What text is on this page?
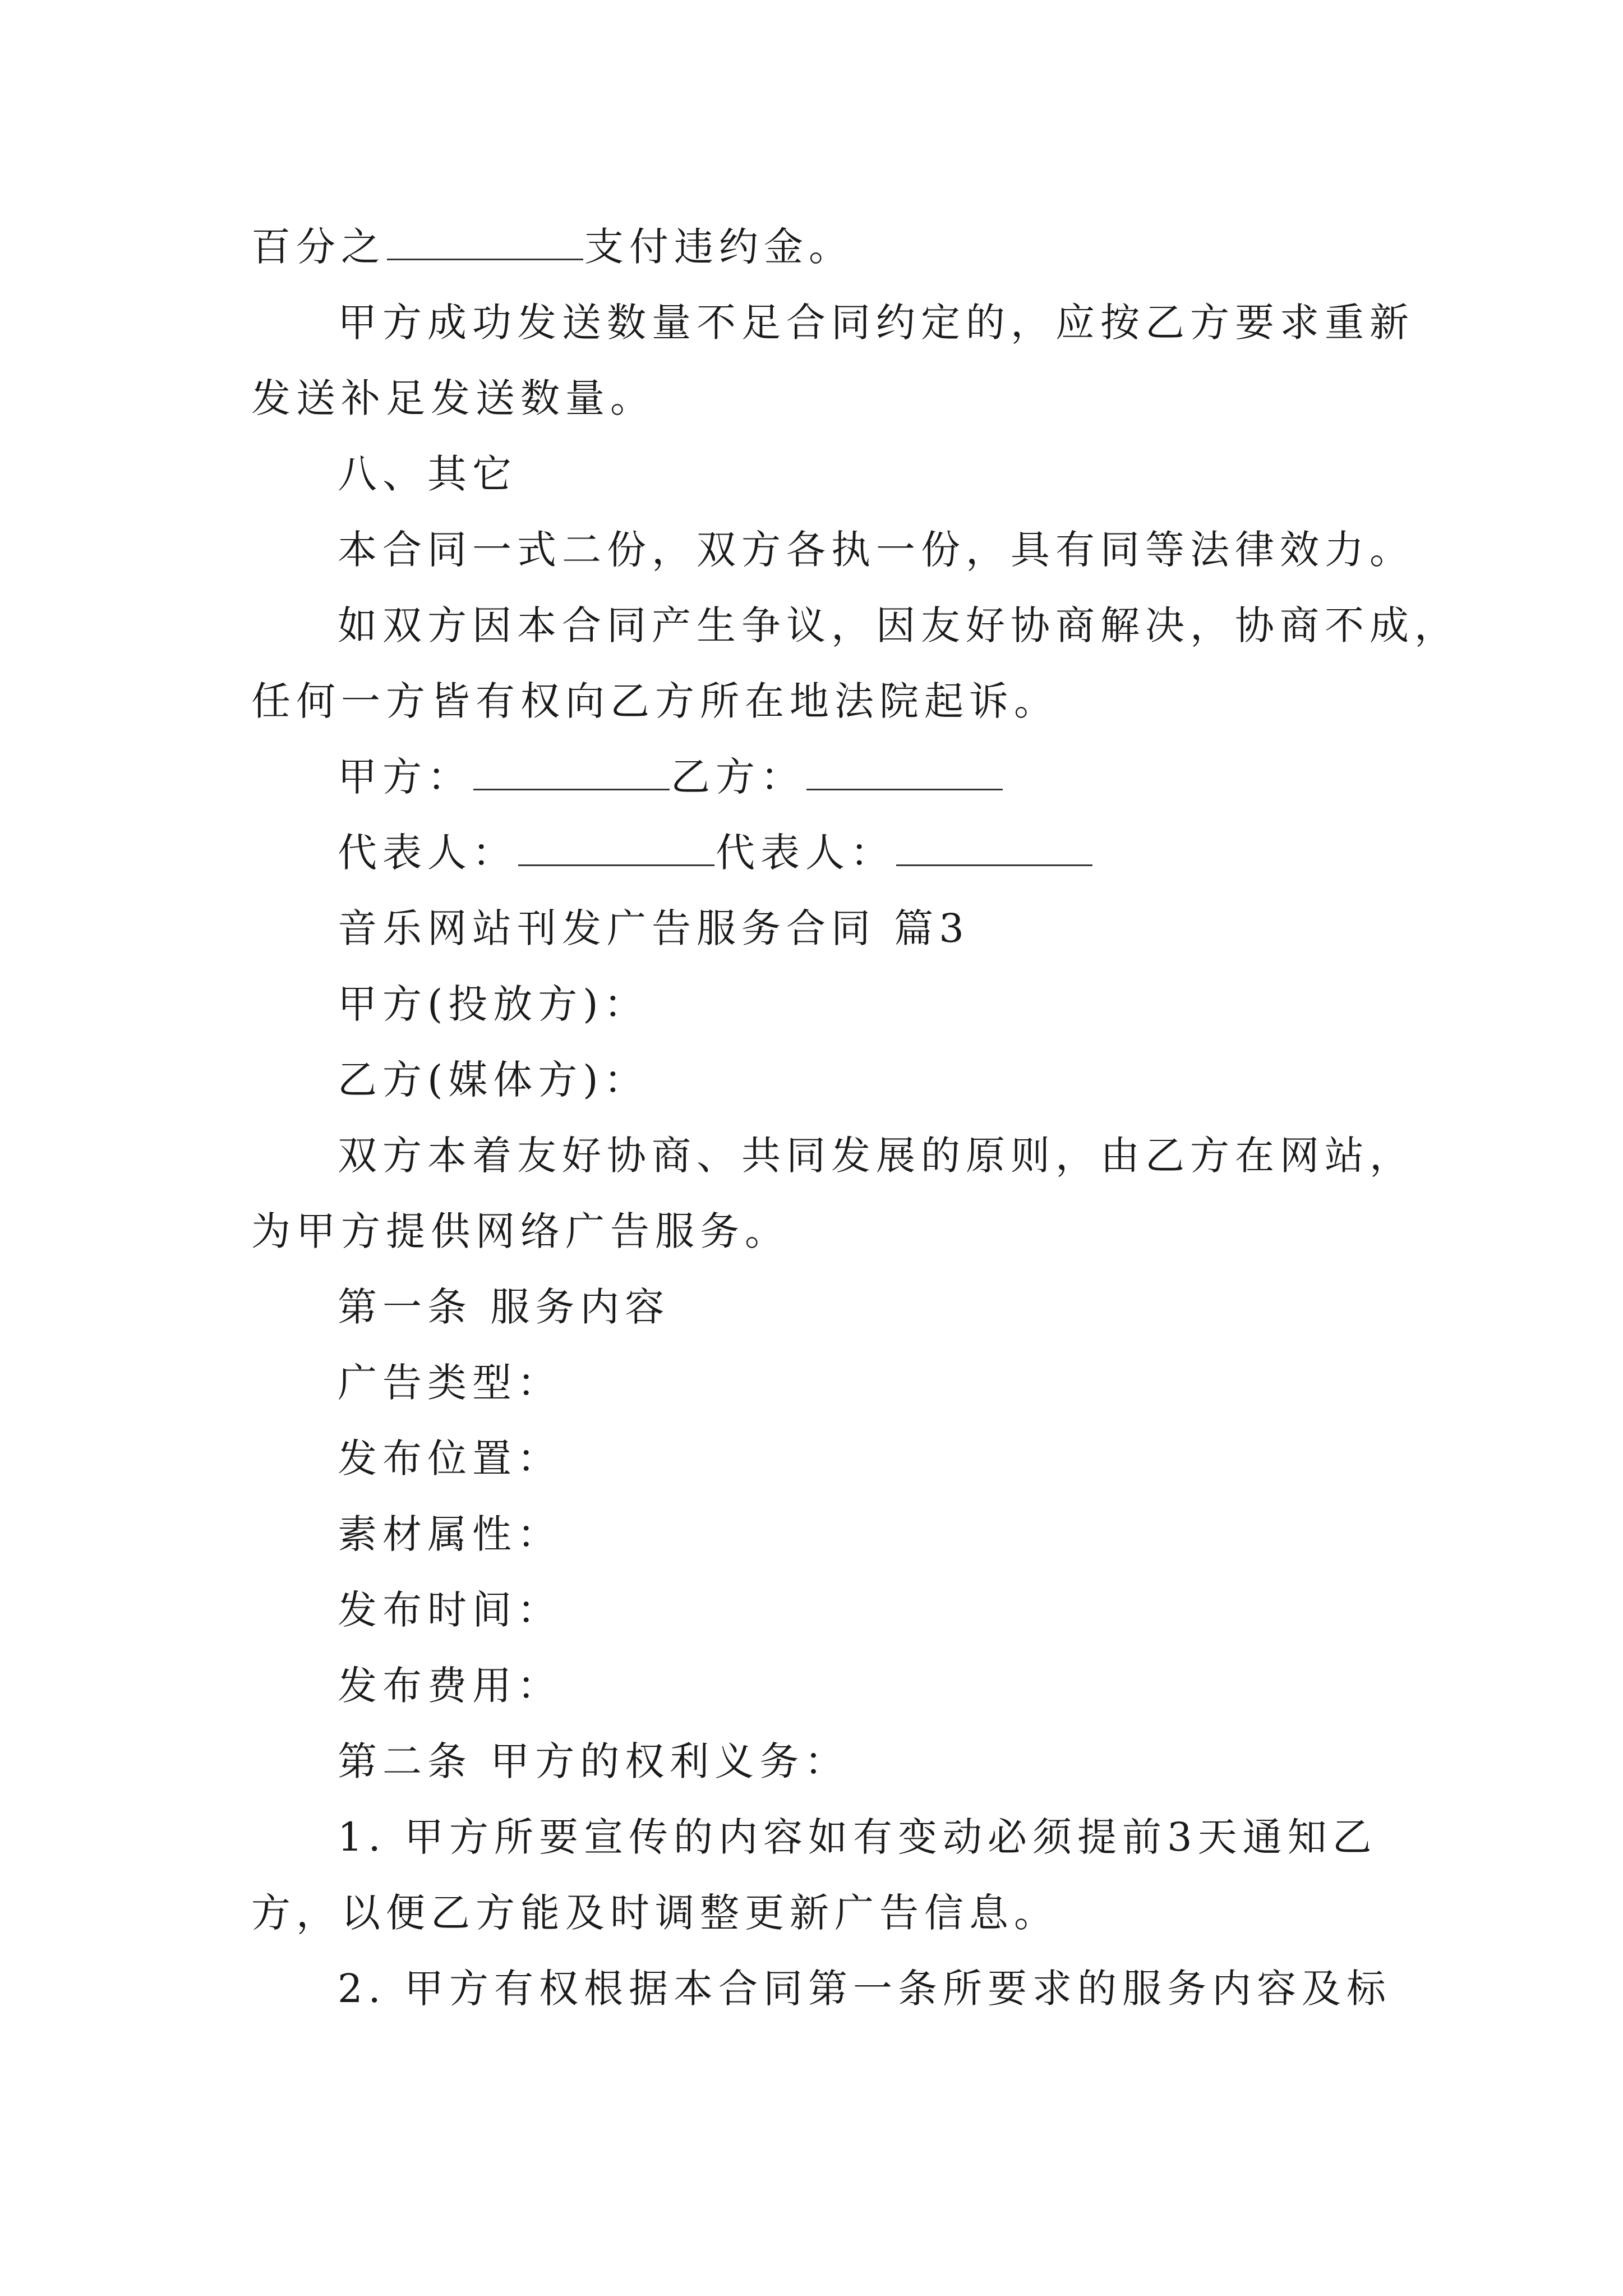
百分之	支付违约金。
甲方成功发送数量不足合同约定的，应按乙方要求重新
发送补足发送数量。
八、其它
本合同一式二份，双方各执一份，具有同等法律效力。
如双方因本合同产生争议，因友好协商解决，协商不成，
任何一方皆有权向乙方所在地法院起诉。
甲方：	乙方：
代表人：	代表人：
音乐网站刊发广告服务合同 篇3
甲方(投放方)：
乙方(媒体方)：
双方本着友好协商、共同发展的原则，由乙方在网站，
为甲方提供网络广告服务。
第一条 服务内容
广告类型：
发布位置：
素材属性：
发布时间：
发布费用：
第二条 甲方的权利义务：
1. 甲方所要宣传的内容如有变动必须提前3天通知乙
方，以便乙方能及时调整更新广告信息。
2. 甲方有权根据本合同第一条所要求的服务内容及标
